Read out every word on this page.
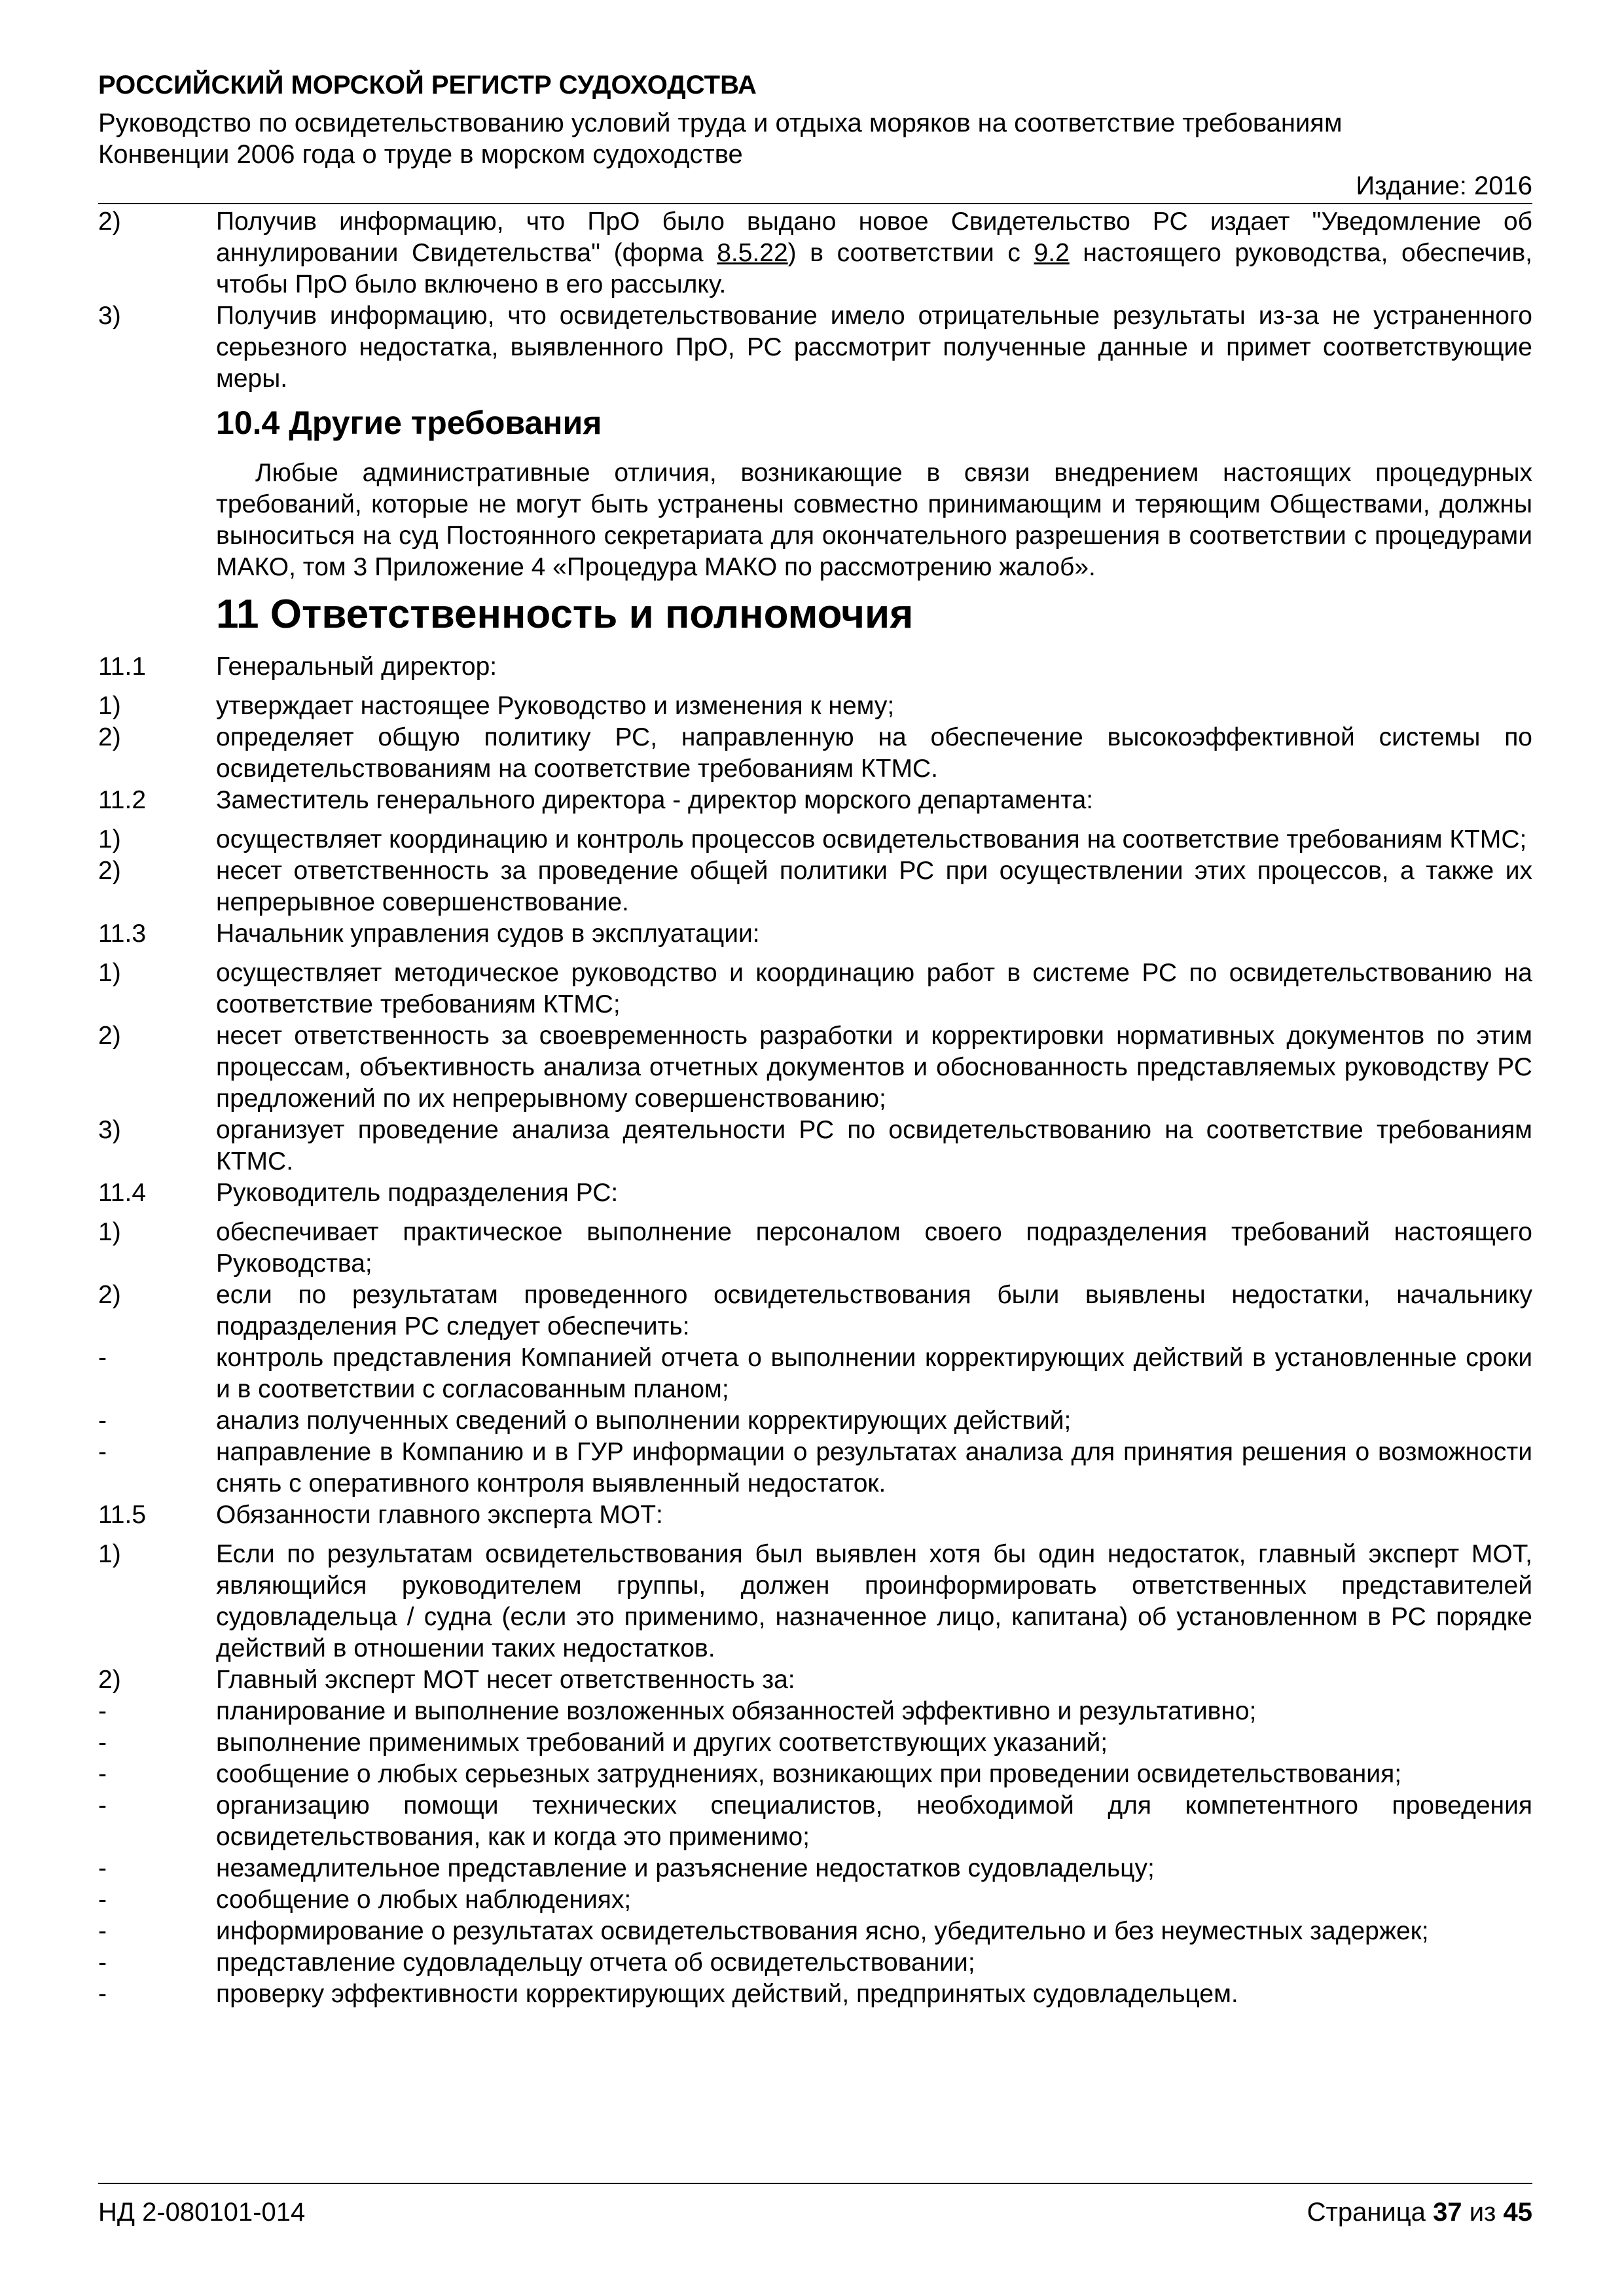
РОССИЙСКИЙ МОРСКОЙ РЕГИСТР СУДОХОДСТВА
Руководство по освидетельствованию условий труда и отдыха моряков на соответствие требованиям
Конвенции 2006 года о труде в морском судоходстве
Издание: 2016
2)	Получив информацию, что ПрО было выдано новое Свидетельство РС издает "Уведомление об аннулировании Свидетельства" (форма 8.5.22) в соответствии с 9.2 настоящего руководства, обеспечив, чтобы ПрО было включено в его рассылку.
3)	Получив информацию, что освидетельствование имело отрицательные результаты из-за не устраненного серьезного недостатка, выявленного ПрО, РС рассмотрит полученные данные и примет соответствующие меры.
10.4 Другие требования
Любые административные отличия, возникающие в связи внедрением настоящих процедурных требований, которые не могут быть устранены совместно принимающим и теряющим Обществами, должны выноситься на суд Постоянного секретариата для окончательного разрешения в соответствии с процедурами МАКО, том 3 Приложение 4 «Процедура МАКО по рассмотрению жалоб».
11 Ответственность и полномочия
11.1	Генеральный директор:
1)	утверждает настоящее Руководство и изменения к нему;
2)	определяет общую политику РС, направленную на обеспечение высокоэффективной системы по освидетельствованиям на соответствие требованиям КТМС.
11.2	Заместитель генерального директора - директор морского департамента:
1)	осуществляет координацию и контроль процессов освидетельствования на соответствие требованиям КТМС;
2)	несет ответственность за проведение общей политики РС при осуществлении этих процессов, а также их непрерывное совершенствование.
11.3	Начальник управления судов в эксплуатации:
1)	осуществляет методическое руководство и координацию работ в системе РС по освидетельствованию на соответствие требованиям КТМС;
2)	несет ответственность за своевременность разработки и корректировки нормативных документов по этим процессам, объективность анализа отчетных документов и обоснованность представляемых руководству РС предложений по их непрерывному совершенствованию;
3)	организует проведение анализа деятельности РС по освидетельствованию на соответствие требованиям КТМС.
11.4	Руководитель подразделения РС:
1)	обеспечивает практическое выполнение персоналом своего подразделения требований настоящего Руководства;
2)	если по результатам проведенного освидетельствования были выявлены недостатки, начальнику подразделения РС следует обеспечить:
-	контроль представления Компанией отчета о выполнении корректирующих действий в установленные сроки и в соответствии с согласованным планом;
-	анализ полученных сведений о выполнении корректирующих действий;
-	направление в Компанию и в ГУР информации о результатах анализа для принятия решения о возможности снять с оперативного контроля выявленный недостаток.
11.5	Обязанности главного эксперта МОТ:
1)	Если по результатам освидетельствования был выявлен хотя бы один недостаток, главный эксперт МОТ, являющийся руководителем группы, должен проинформировать ответственных представителей судовладельца / судна (если это применимо, назначенное лицо, капитана) об установленном в РС порядке действий в отношении таких недостатков.
2)	Главный эксперт МОТ несет ответственность за:
-	планирование и выполнение возложенных обязанностей эффективно и результативно;
-	выполнение применимых требований и других соответствующих указаний;
-	сообщение о любых серьезных затруднениях, возникающих при проведении освидетельствования;
-	организацию помощи технических специалистов, необходимой для компетентного проведения освидетельствования, как и когда это применимо;
-	незамедлительное представление и разъяснение недостатков судовладельцу;
-	сообщение о любых наблюдениях;
-	информирование о результатах освидетельствования ясно, убедительно и без неуместных задержек;
-	представление судовладельцу отчета об освидетельствовании;
-	проверку эффективности корректирующих действий, предпринятых судовладельцем.
НД 2-080101-014	Страница 37 из 45
